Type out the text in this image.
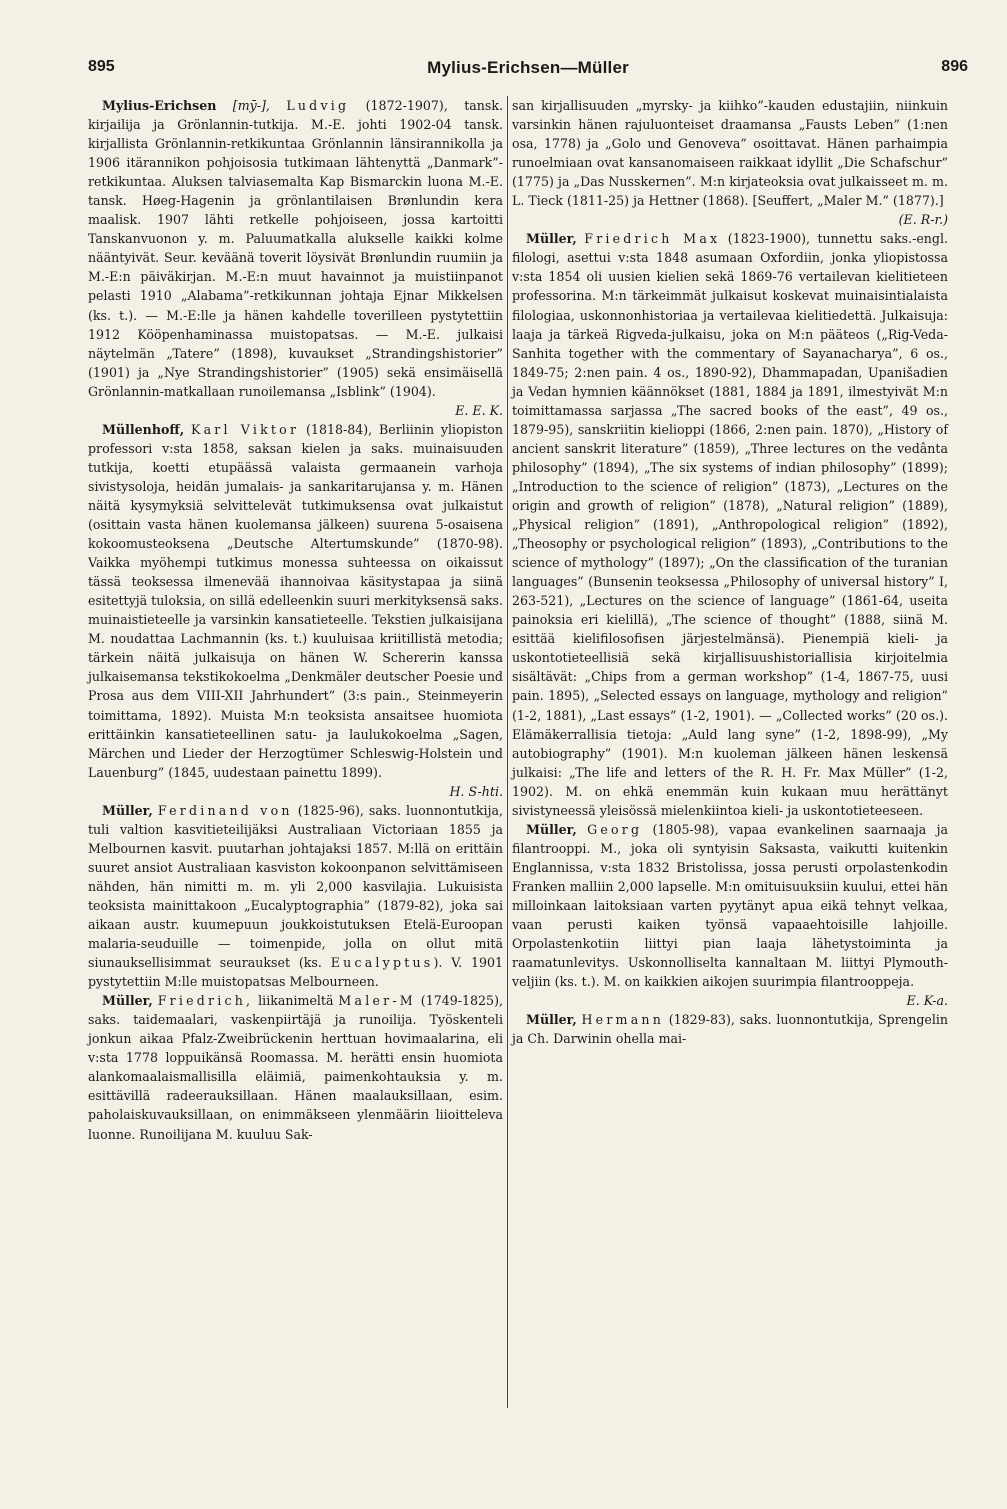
895	Mylius-Erichsen—Müller	896

Mylius-Erichsen [mȳ-], Ludvig (1872-1907), tansk. kirjailija ja Grönlannin-tutkija. M.-E. johti 1902-04 tansk. kirjallista Grönlannin-retkikuntaa Grönlannin länsirannikolla ja 1906 itärannikon pohjoisosia tutkimaan lähtenyttä „Danmark”-retkikuntaa. Aluksen talviasemalta Kap Bismarckin luona M.-E. tansk. Høeg-Hagenin ja grönlantilaisen Brønlundin kera maalisk. 1907 lähti retkelle pohjoiseen, jossa kartoitti Tanskanvuonon y. m. Paluumatkalla alukselle kaikki kolme nääntyivät. Seur. keväänä toverit löysivät Brønlundin ruumiin ja M.-E:n päiväkirjan. M.-E:n muut havainnot ja muistiinpanot pelasti 1910 „Alabama”-retkikunnan johtaja Ejnar Mikkelsen (ks. t.). — M.-E:lle ja hänen kahdelle toverilleen pystytettiin 1912 Kööpenhaminassa muistopatsas. — M.-E. julkaisi näytelmän „Tatere” (1898), kuvaukset „Strandingshistorier” (1901) ja „Nye Strandingshistorier” (1905) sekä ensimäisellä Grönlannin-matkallaan runoilemansa „Isblink” (1904).
E. E. K.

Müllenhoff, Karl Viktor (1818-84), Berliinin yliopiston professori v:sta 1858, saksan kielen ja saks. muinaisuuden tutkija, koetti etupäässä valaista germaanein varhoja sivistysoloja, heidän jumalais- ja sankaritarujansa y. m. Hänen näitä kysymyksiä selvittelevät tutkimuksensa ovat julkaistut (osittain vasta hänen kuolemansa jälkeen) suurena 5-osaisena kokoomusteoksena „Deutsche Altertumskunde” (1870-98). Vaikka myöhempi tutkimus monessa suhteessa on oikaissut tässä teoksessa ilmenevää ihannoivaa käsitystapaa ja siinä esitettyjä tuloksia, on sillä edelleenkin suuri merkityksensä saks. muinaistieteelle ja varsinkin kansatieteelle. Tekstien julkaisijana M. noudattaa Lachmannin (ks. t.) kuuluisaa kriitillistä metodia; tärkein näitä julkaisuja on hänen W. Schererin kanssa julkaisemansa tekstikokoelma „Denkmäler deutscher Poesie und Prosa aus dem VIII-XII Jahrhundert” (3:s pain., Steinmeyerin toimittama, 1892). Muista M:n teoksista ansaitsee huomiota erittäinkin kansatieteellinen satu- ja laulukokoelma „Sagen, Märchen und Lieder der Herzogtümer Schleswig-Holstein und Lauenburg” (1845, uudestaan painettu 1899).
H. S-hti.

Müller, Ferdinand von (1825-96), saks. luonnontutkija, tuli valtion kasvitieteilijäksi Australiaan Victoriaan 1855 ja Melbournen kasvit. puutarhan johtajaksi 1857. M:llä on erittäin suuret ansiot Australiaan kasviston kokoonpanon selvittämiseen nähden, hän nimitti m. m. yli 2,000 kasvilajia. Lukuisista teoksista mainittakoon „Eucalyptographia” (1879-82), joka sai aikaan austr. kuumepuun joukkoistutuksen Etelä-Euroopan malaria-seuduille — toimenpide, jolla on ollut mitä siunauksellisimmat seuraukset (ks. Eucalyptus). V. 1901 pystytettiin M:lle muistopatsas Melbourneen.

Müller, Friedrich, liikanimeltä Maler-M (1749-1825), saks. taidemaalari, vaskenpiirtäjä ja runoilija. Työskenteli jonkun aikaa Pfalz-Zweibrückenin herttuan hovimaalarina, eli v:sta 1778 loppuikänsä Roomassa. M. herätti ensin huomiota alankomaalaismallisilla eläimiä, paimenkohtauksia y. m. esittävillä radeerauksillaan. Hänen maalauksillaan, esim. paholaiskuvauksillaan, on enimmäkseen ylenmäärin liioitteleva luonne. Runoilijana M. kuuluu Sak-

san kirjallisuuden „myrsky- ja kiihko”-kauden edustajiin, niinkuin varsinkin hänen rajuluonteiset draamansa „Fausts Leben” (1:nen osa, 1778) ja „Golo und Genoveva” osoittavat. Hänen parhaimpia runoelmiaan ovat kansanomaiseen raikkaat idyllit „Die Schafschur” (1775) ja „Das Nusskernen”. M:n kirjateoksia ovat julkaisseet m. m. L. Tieck (1811-25) ja Hettner (1868). [Seuffert, „Maler M.” (1877).]
(E. R-r.)

Müller, Friedrich Max (1823-1900), tunnettu saks.-engl. filologi, asettui v:sta 1848 asumaan Oxfordiin, jonka yliopistossa v:sta 1854 oli uusien kielien sekä 1869-76 vertailevan kielitieteen professorina. M:n tärkeimmät julkaisut koskevat muinaisintialaista filologiaa, uskonnonhistoriaa ja vertailevaa kielitiedettä. Julkaisuja: laaja ja tärkeä Rigveda-julkaisu, joka on M:n pääteos („Rig-Veda-Sanhita together with the commentary of Sayanacharya”, 6 os., 1849-75; 2:nen pain. 4 os., 1890-92), Dhammapadan, Upanišadien ja Vedan hymnien käännökset (1881, 1884 ja 1891, ilmestyivät M:n toimittamassa sarjassa „The sacred books of the east”, 49 os., 1879-95), sanskriitin kielioppi (1866, 2:nen pain. 1870), „History of ancient sanskrit literature” (1859), „Three lectures on the vedânta philosophy” (1894), „The six systems of indian philosophy” (1899); „Introduction to the science of religion” (1873), „Lectures on the origin and growth of religion” (1878), „Natural religion” (1889), „Physical religion” (1891), „Anthropological religion” (1892), „Theosophy or psychological religion” (1893), „Contributions to the science of mythology” (1897); „On the classification of the turanian languages” (Bunsenin teoksessa „Philosophy of universal history” I, 263-521), „Lectures on the science of language” (1861-64, useita painoksia eri kielillä), „The science of thought” (1888, siinä M. esittää kielifilosofisen järjestelmänsä). Pienempiä kieli- ja uskontotieteellisiä sekä kirjallisuushistoriallisia kirjoitelmia sisältävät: „Chips from a german workshop” (1-4, 1867-75, uusi pain. 1895), „Selected essays on language, mythology and religion” (1-2, 1881), „Last essays” (1-2, 1901). — „Collected works” (20 os.). Elämäkerrallisia tietoja: „Auld lang syne” (1-2, 1898-99), „My autobiography” (1901). M:n kuoleman jälkeen hänen leskensä julkaisi: „The life and letters of the R. H. Fr. Max Müller” (1-2, 1902). M. on ehkä enemmän kuin kukaan muu herättänyt sivistyneessä yleisössä mielenkiintoa kieli- ja uskontotieteeseen.

Müller, Georg (1805-98), vapaa evankelinen saarnaaja ja filantrooppi. M., joka oli syntyisin Saksasta, vaikutti kuitenkin Englannissa, v:sta 1832 Bristolissa, jossa perusti orpolastenkodin Franken malliin 2,000 lapselle. M:n omituisuuksiin kuului, ettei hän milloinkaan laitoksiaan varten pyytänyt apua eikä tehnyt velkaa, vaan perusti kaiken työnsä vapaaehtoisille lahjoille. Orpolastenkotiin liittyi pian laaja lähetystoiminta ja raamatunlevitys. Uskonnolliselta kannaltaan M. liittyi Plymouth-veljiin (ks. t.). M. on kaikkien aikojen suurimpia filantrooppeja.
E. K-a.

Müller, Hermann (1829-83), saks. luonnontutkija, Sprengelin ja Ch. Darwinin ohella mai-
